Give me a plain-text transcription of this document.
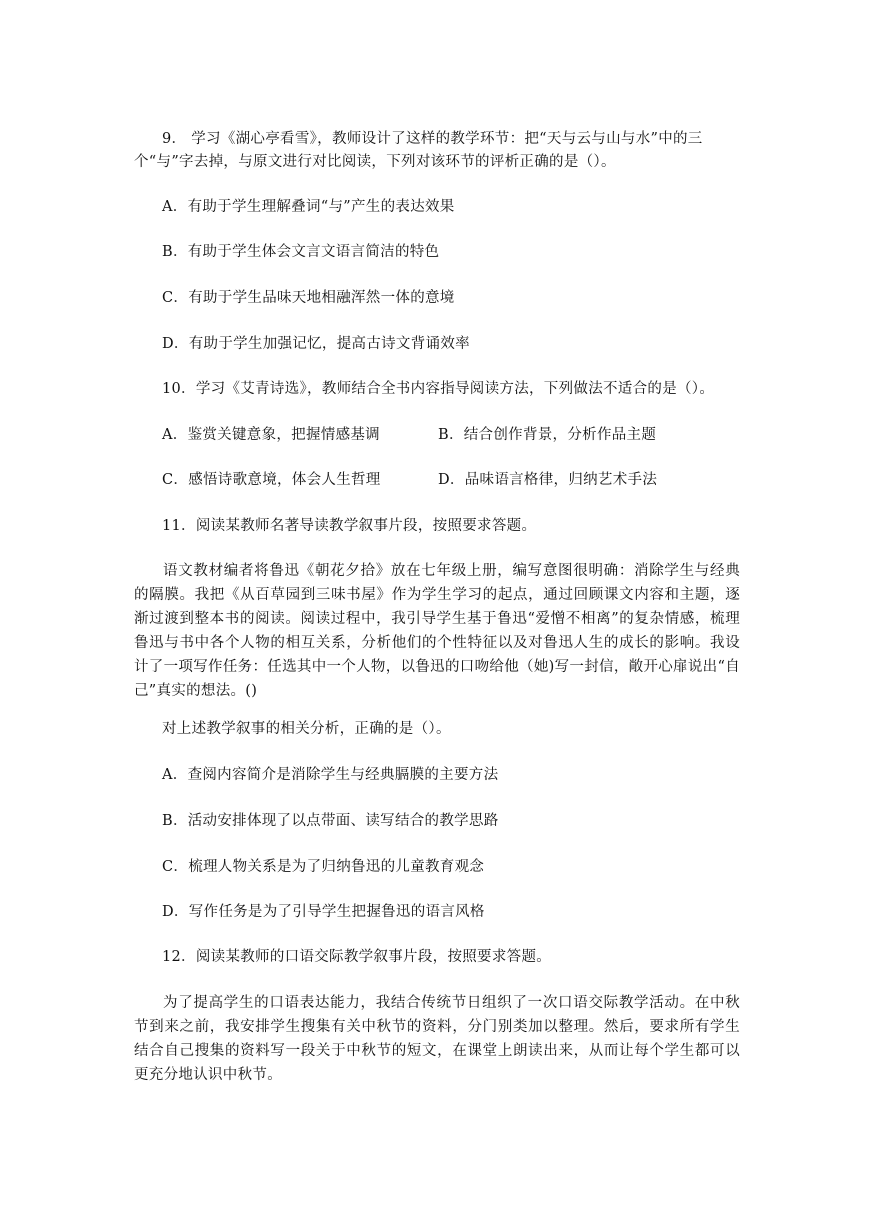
9． 学习《湖心亭看雪》，教师设计了这样的教学环节：把“天与云与山与水”中的三
个“与”字去掉，与原文进行对比阅读，下列对该环节的评析正确的是（）。
A．有助于学生理解叠词“与”产生的表达效果
B．有助于学生体会文言文语言简洁的特色
C．有助于学生品味天地相融浑然一体的意境
D．有助于学生加强记忆，提高古诗文背诵效率
10．学习《艾青诗选》，教师结合全书内容指导阅读方法，下列做法不适合的是（）。
A．鉴赏关键意象，把握情感基调	B．结合创作背景，分析作品主题
C．感悟诗歌意境，体会人生哲理	D．品味语言格律，归纳艺术手法
11．阅读某教师名著导读教学叙事片段，按照要求答题。
语文教材编者将鲁迅《朝花夕拾》放在七年级上册，编写意图很明确：消除学生与经典的隔膜。我把《从百草园到三味书屋》作为学生学习的起点，通过回顾课文内容和主题，逐渐过渡到整本书的阅读。阅读过程中，我引导学生基于鲁迅“爱憎不相离”的复杂情感，梳理鲁迅与书中各个人物的相互关系，分析他们的个性特征以及对鲁迅人生的成长的影响。我设计了一项写作任务：任选其中一个人物，以鲁迅的口吻给他（她)写一封信，敞开心扉说出“自己”真实的想法。()
对上述教学叙事的相关分析，正确的是（）。
A．查阅内容简介是消除学生与经典膈膜的主要方法
B．活动安排体现了以点带面、读写结合的教学思路
C．梳理人物关系是为了归纳鲁迅的儿童教育观念
D．写作任务是为了引导学生把握鲁迅的语言风格
12．阅读某教师的口语交际教学叙事片段，按照要求答题。
为了提高学生的口语表达能力，我结合传统节日组织了一次口语交际教学活动。在中秋节到来之前，我安排学生搜集有关中秋节的资料，分门别类加以整理。然后，要求所有学生结合自己搜集的资料写一段关于中秋节的短文，在课堂上朗读出来，从而让每个学生都可以更充分地认识中秋节。
